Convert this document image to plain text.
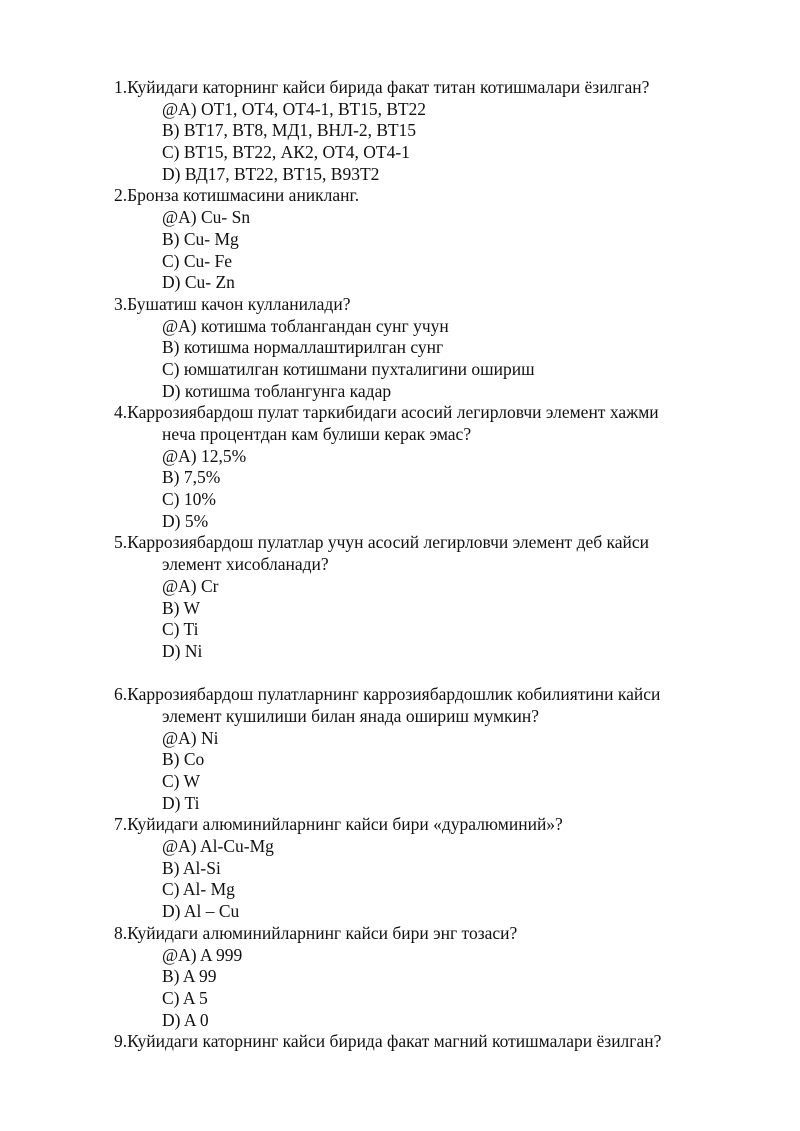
1.Куйидаги каторнинг кайси бирида факат титан котишмалари ёзилган?
@A) ОТ1, ОТ4, ОТ4-1, ВТ15, ВТ22
B) ВТ17, ВТ8, МД1, ВНЛ-2, ВТ15
C) ВТ15, ВТ22, АК2, ОТ4, ОТ4-1
D) ВД17, ВТ22, ВТ15, В93Т2
2.Бронза котишмасини аникланг.
@A) Cu- Sn
B) Cu- Mg
C) Cu- Fe
D) Cu- Zn
3.Бушатиш качон кулланилади?
@A) котишма тоблангандан сунг учун
B) котишма нормаллаштирилган сунг
C) юмшатилган котишмани пухталигини ошириш
D) котишма тоблангунга кадар
4.Каррозиябардош пулат таркибидаги асосий легирловчи элемент хажми
нeча процентдан кам булиши керак эмас?
@A) 12,5%
B) 7,5%
C) 10%
D) 5%
5.Каррозиябардош пулатлар учун асосий легирловчи элемент деб кайси
элемент хисобланади?
@A) Cr
B) W
C) Ti
D) Ni
6.Каррозиябардош пулатларнинг каррозиябардошлик кобилиятини кайси
элемент кушилиши билан янада ошириш мумкин?
@A) Ni
B) Co
C) W
D) Ti
7.Куйидаги алюминийларнинг кайси бири «дуралюминий»?
@A) Al-Cu-Mg
B) Al-Si
C) Al- Mg
D) Al – Cu
8.Куйидаги алюминийларнинг кайси бири энг тозаси?
@A) A 999
B) A 99
C) A 5
D) A 0
9.Куйидаги каторнинг кайси бирида факат магний котишмалари ёзилган?
